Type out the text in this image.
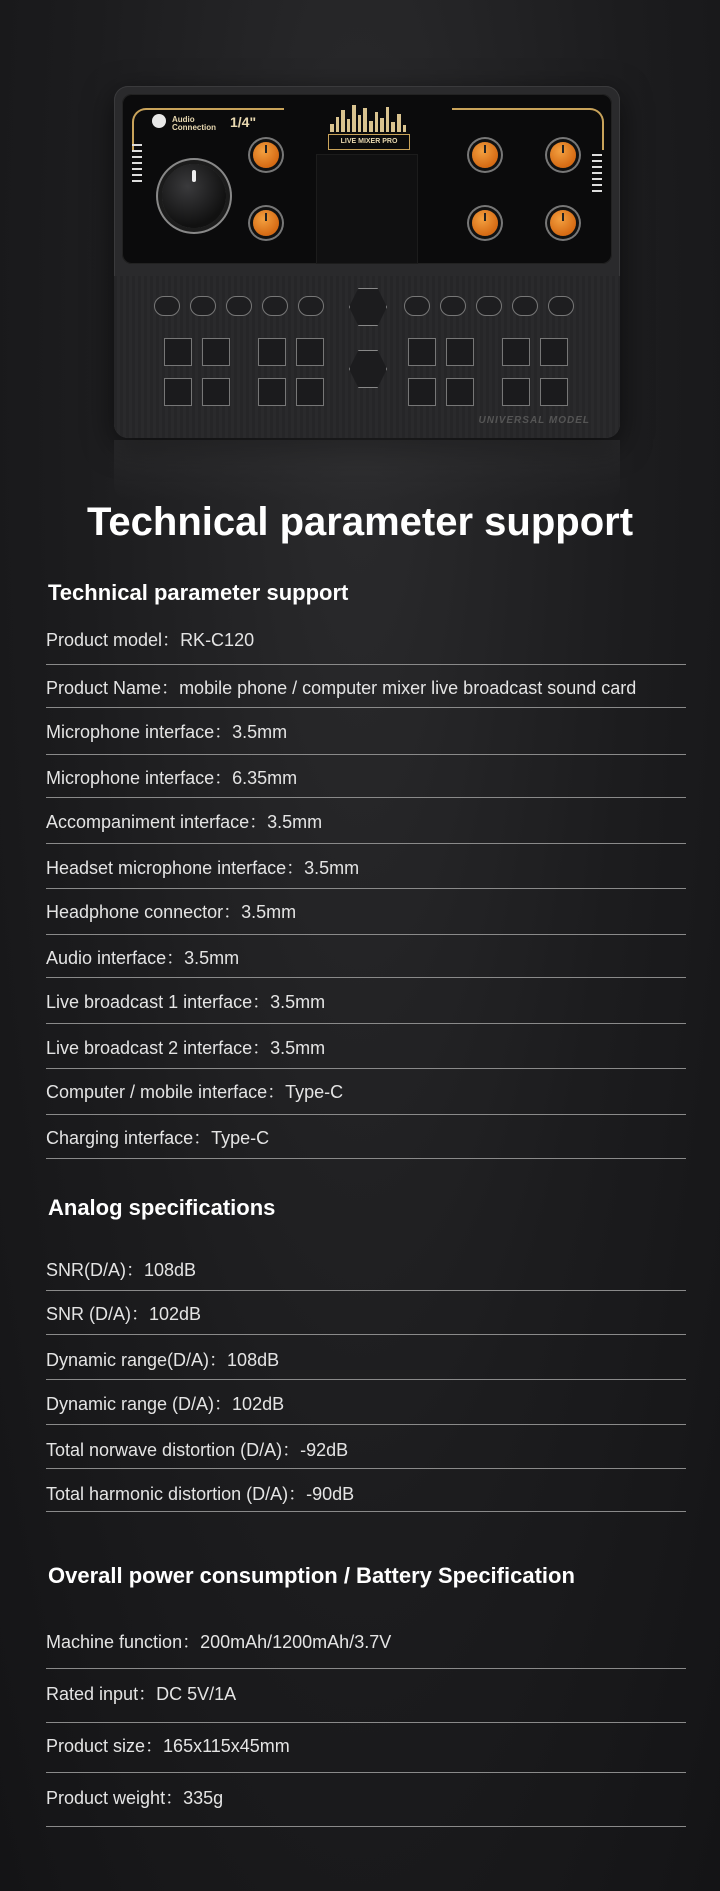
Audio Connection	1/4"
LIVE MIXER PRO
UNIVERSAL MODEL
Technical parameter support
Technical parameter support
Product model：RK-C120
Product Name：mobile phone / computer mixer live broadcast sound card
Microphone interface：3.5mm
Microphone interface：6.35mm
Accompaniment interface：3.5mm
Headset microphone interface：3.5mm
Headphone connector：3.5mm
Audio interface：3.5mm
Live broadcast 1 interface：3.5mm
Live broadcast 2 interface：3.5mm
Computer / mobile interface：Type-C
Charging interface：Type-C
Analog specifications
SNR(D/A)：108dB
SNR (D/A)：102dB
Dynamic range(D/A)：108dB
Dynamic range (D/A)：102dB
Total norwave distortion (D/A)：-92dB
Total harmonic distortion (D/A)：-90dB
Overall power consumption / Battery Specification
Machine function：200mAh/1200mAh/3.7V
Rated input：DC 5V/1A
Product size：165x115x45mm
Product weight：335g
